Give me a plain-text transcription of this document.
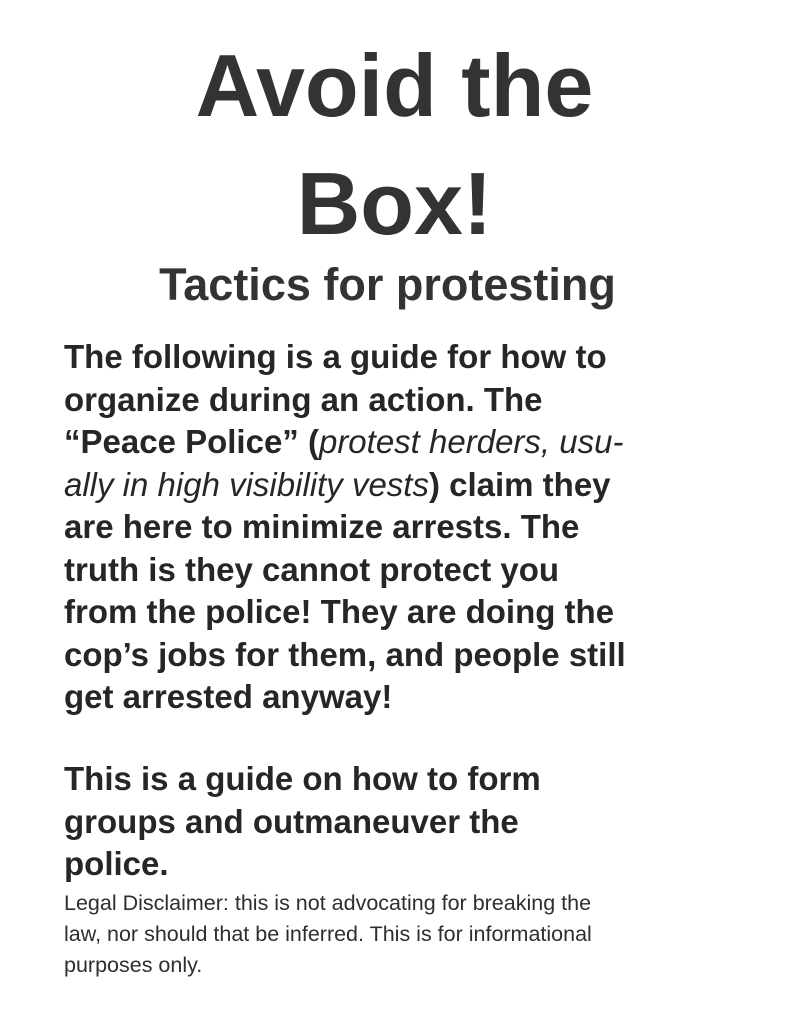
Avoid the
Box!
Tactics for protesting

The following is a guide for how to
organize during an action. The
“Peace Police” (protest herders, usu-
ally in high visibility vests) claim they
are here to minimize arrests. The
truth is they cannot protect you
from the police! They are doing the
cop’s jobs for them, and people still
get arrested anyway!

This is a guide on how to form
groups and outmaneuver the
police.

Legal Disclaimer: this is not advocating for breaking the
law, nor should that be inferred. This is for informational
purposes only.
